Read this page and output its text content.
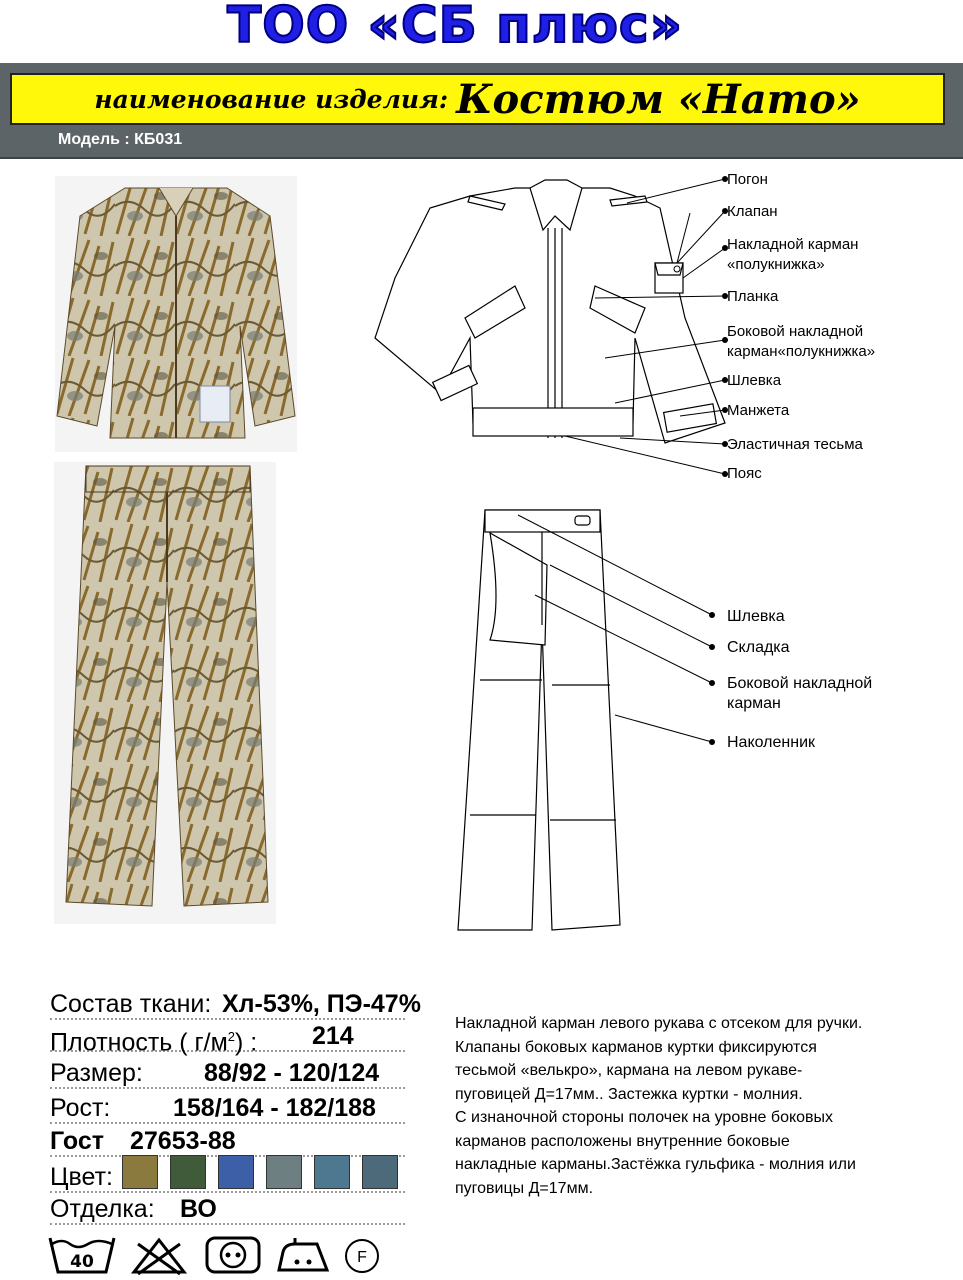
ТОО «СБ плюс»
наименование изделия: Костюм «Нато»
Модель : КБ031
Погон
Клапан
Накладной карман
«полукнижка»
Планка
Боковой накладной
карман«полукнижка»
Шлевка
Манжета
Эластичная тесьма
Пояс
Шлевка
Складка
Боковой накладной
карман
Наколенник
Состав ткани: Хл-53%, ПЭ-47%
Плотность ( $г/м^2$) : 214
Размер: 88/92 - 120/124
Рост:	158/164 - 182/188
Гост 27653-88
Цвет:
Отделка: ВО
Накладной карман левого рукава с отсеком для ручки.
Клапаны боковых карманов куртки фиксируются
тесьмой «велькро», кармана на левом рукаве-
пуговицей Д=17мм.. Застежка куртки - молния.
С изнаночной стороны полочек на уровне боковых
карманов расположены внутренние боковые
накладные карманы.Застёжка гульфика - молния или
пуговицы Д=17мм.
40	F
